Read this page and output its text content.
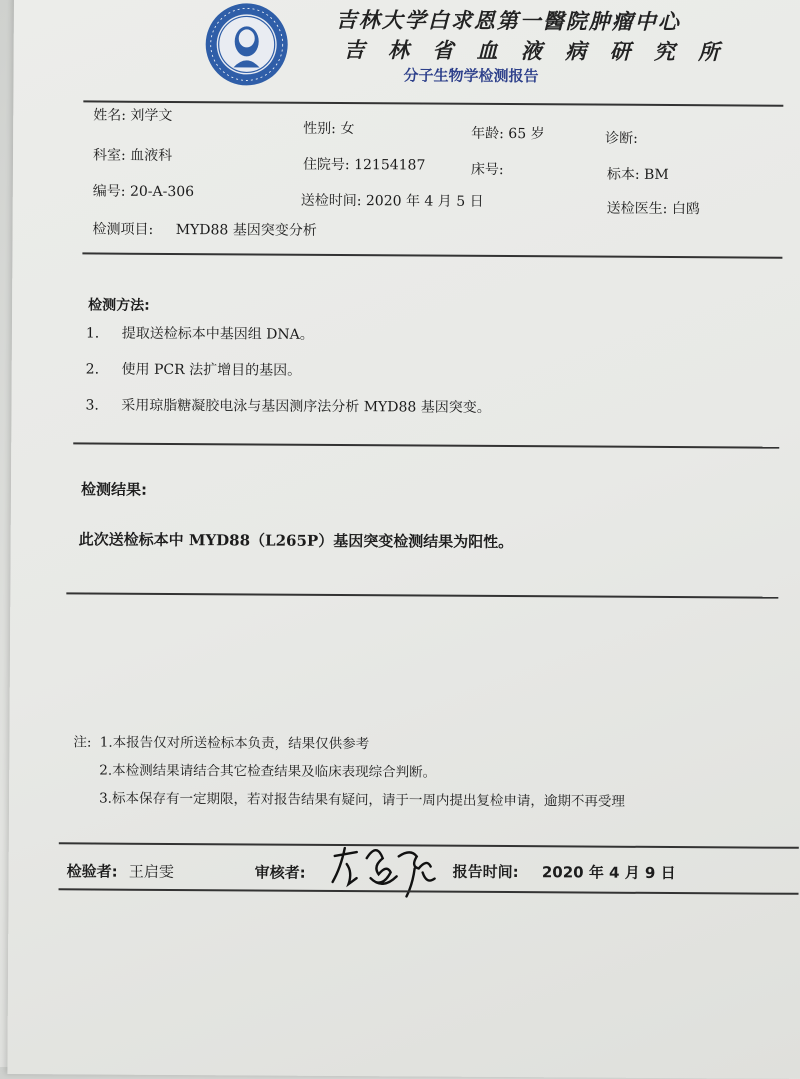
吉林大学白求恩第一醫院肿瘤中心
吉 林 省 血 液 病 研 究 所
分子生物学检测报告
姓名: 刘学文
性别: 女	年龄: 65 岁	诊断:
科室: 血液科
住院号: 12154187	床号:	标本: BM
编号: 20-A-306
送检时间: 2020 年 4 月 5 日	送检医生: 白鸥
检测项目: MYD88 基因突变分析
检测方法:
1. 提取送检标本中基因组 DNA。
2. 使用 PCR 法扩增目的基因。
3. 采用琼脂糖凝胶电泳与基因测序法分析 MYD88 基因突变。
检测结果:
此次送检标本中 MYD88（L265P）基因突变检测结果为阳性。
注: 1.本报告仅对所送检标本负责，结果仅供参考
2.本检测结果请结合其它检查结果及临床表现综合判断。
3.标本保存有一定期限，若对报告结果有疑问，请于一周内提出复检申请，逾期不再受理
检验者: 王启雯	审核者:	报告时间: 2020 年 4 月 9 日
